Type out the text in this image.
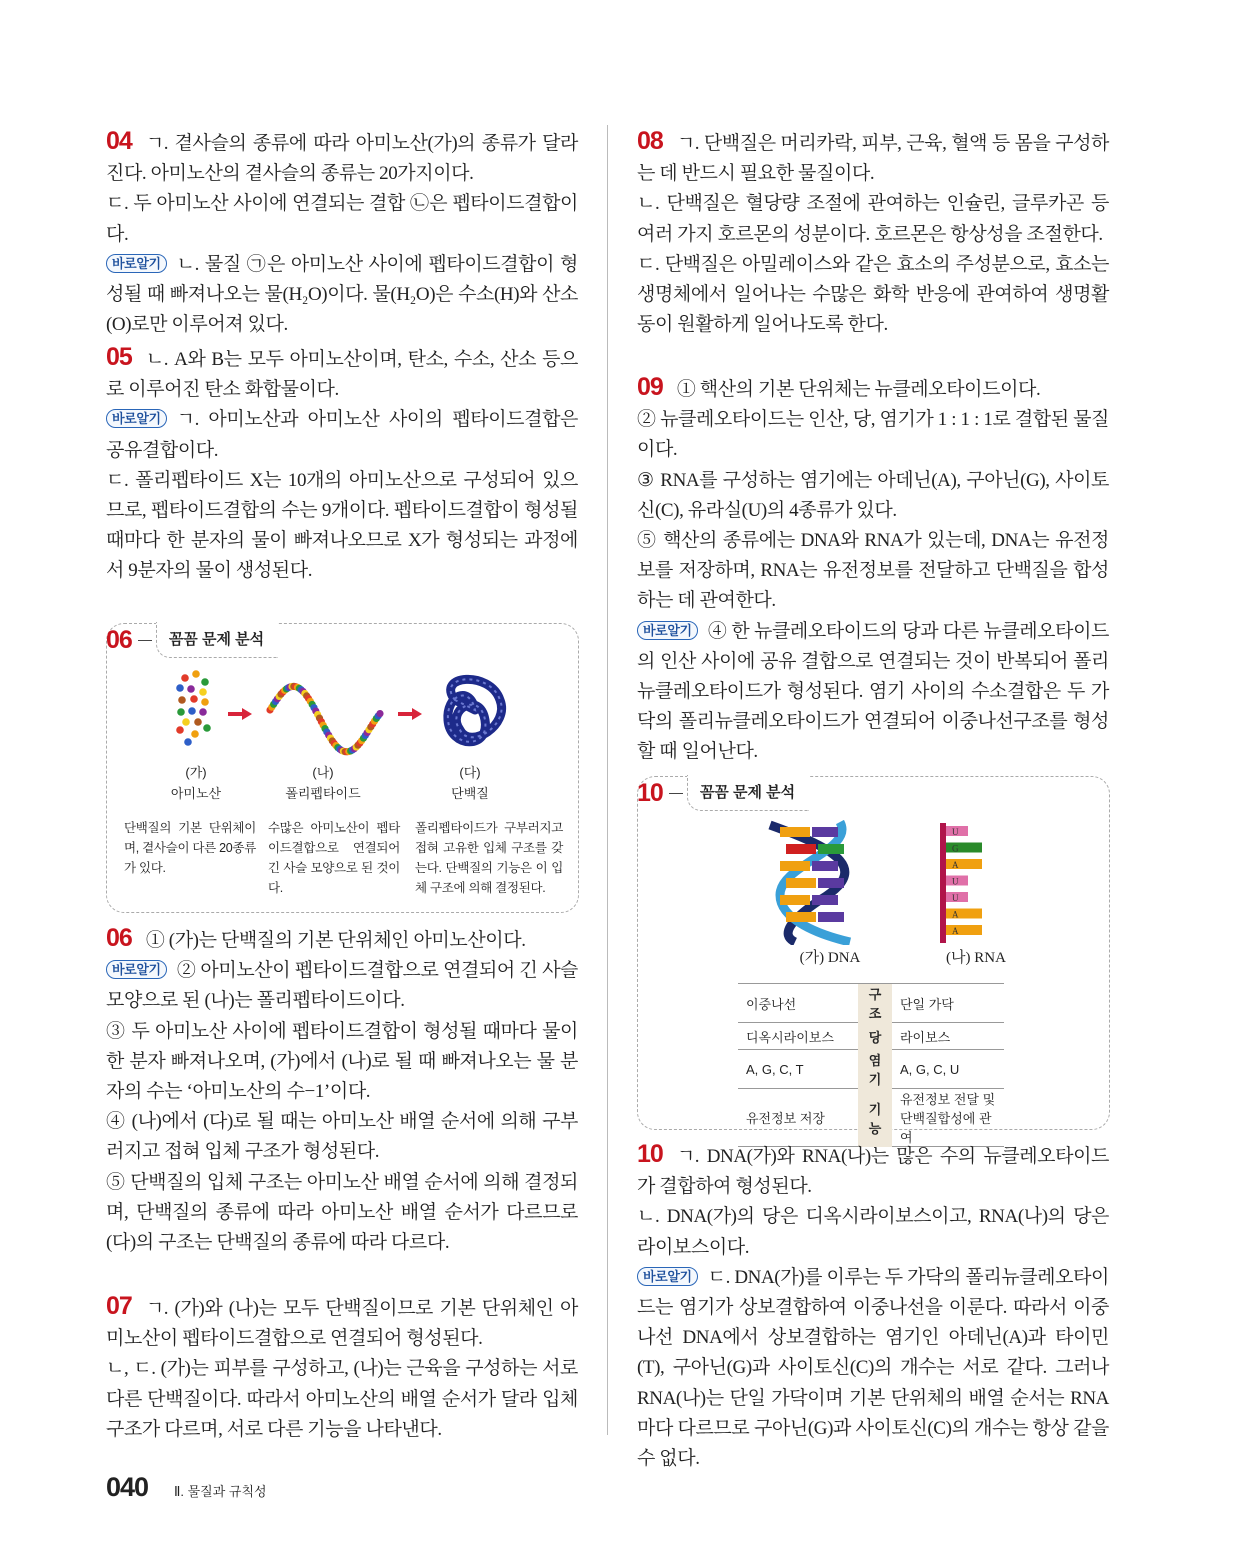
04 ㄱ. 곁사슬의 종류에 따라 아미노산(가)의 종류가 달라진다. 아미노산의 곁사슬의 종류는 20가지이다.

ㄷ. 두 아미노산 사이에 연결되는 결합 ㉡은 펩타이드결합이다.

바로알기 ㄴ. 물질 ㉠은 아미노산 사이에 펩타이드결합이 형성될 때 빠져나오는 물(H₂O)이다. 물(H₂O)은 수소(H)와 산소(O)로만 이루어져 있다.

05 ㄴ. A와 B는 모두 아미노산이며, 탄소, 수소, 산소 등으로 이루어진 탄소 화합물이다.

바로알기 ㄱ. 아미노산과 아미노산 사이의 펩타이드결합은 공유결합이다.

ㄷ. 폴리펩타이드 X는 10개의 아미노산으로 구성되어 있으므로, 펩타이드결합의 수는 9개이다. 펩타이드결합이 형성될 때마다 한 분자의 물이 빠져나오므로 X가 형성되는 과정에서 9분자의 물이 생성된다.

06	꼼꼼 문제 분석
(가)
아미노산
(나)
폴리펩타이드
(다)
단백질
단백질의 기본 단위체이며, 곁사슬이 다른 20종류가 있다.
수많은 아미노산이 펩타이드결합으로 연결되어 긴 사슬 모양으로 된 것이다.
폴리펩타이드가 구부러지고 접혀 고유한 입체 구조를 갖는다. 단백질의 기능은 이 입체 구조에 의해 결정된다.

06 ① (가)는 단백질의 기본 단위체인 아미노산이다.

바로알기 ② 아미노산이 펩타이드결합으로 연결되어 긴 사슬 모양으로 된 (나)는 폴리펩타이드이다.

③ 두 아미노산 사이에 펩타이드결합이 형성될 때마다 물이 한 분자 빠져나오며, (가)에서 (나)로 될 때 빠져나오는 물 분자의 수는 ‘아미노산의 수−1’이다.

④ (나)에서 (다)로 될 때는 아미노산 배열 순서에 의해 구부러지고 접혀 입체 구조가 형성된다.

⑤ 단백질의 입체 구조는 아미노산 배열 순서에 의해 결정되며, 단백질의 종류에 따라 아미노산 배열 순서가 다르므로 (다)의 구조는 단백질의 종류에 따라 다르다.

07 ㄱ. (가)와 (나)는 모두 단백질이므로 기본 단위체인 아미노산이 펩타이드결합으로 연결되어 형성된다.

ㄴ, ㄷ. (가)는 피부를 구성하고, (나)는 근육을 구성하는 서로 다른 단백질이다. 따라서 아미노산의 배열 순서가 달라 입체 구조가 다르며, 서로 다른 기능을 나타낸다.

08 ㄱ. 단백질은 머리카락, 피부, 근육, 혈액 등 몸을 구성하는 데 반드시 필요한 물질이다.

ㄴ. 단백질은 혈당량 조절에 관여하는 인슐린, 글루카곤 등 여러 가지 호르몬의 성분이다. 호르몬은 항상성을 조절한다.

ㄷ. 단백질은 아밀레이스와 같은 효소의 주성분으로, 효소는 생명체에서 일어나는 수많은 화학 반응에 관여하여 생명활동이 원활하게 일어나도록 한다.

09 ① 핵산의 기본 단위체는 뉴클레오타이드이다.

② 뉴클레오타이드는 인산, 당, 염기가 1 : 1 : 1로 결합된 물질이다.

③ RNA를 구성하는 염기에는 아데닌(A), 구아닌(G), 사이토신(C), 유라실(U)의 4종류가 있다.

⑤ 핵산의 종류에는 DNA와 RNA가 있는데, DNA는 유전정보를 저장하며, RNA는 유전정보를 전달하고 단백질을 합성하는 데 관여한다.

바로알기 ④ 한 뉴클레오타이드의 당과 다른 뉴클레오타이드의 인산 사이에 공유 결합으로 연결되는 것이 반복되어 폴리뉴클레오타이드가 형성된다. 염기 사이의 수소결합은 두 가닥의 폴리뉴클레오타이드가 연결되어 이중나선구조를 형성할 때 일어난다.

10	꼼꼼 문제 분석
U
G
A
U
U
A
A
(가) DNA	(나) RNA
이중나선	구조	단일 가닥
디옥시라이보스	당	라이보스
A, G, C, T	염기	A, G, C, U
유전정보 저장	기능	유전정보 전달 및 단백질합성에 관여

10 ㄱ. DNA(가)와 RNA(나)는 많은 수의 뉴클레오타이드가 결합하여 형성된다.

ㄴ. DNA(가)의 당은 디옥시라이보스이고, RNA(나)의 당은 라이보스이다.

바로알기 ㄷ. DNA(가)를 이루는 두 가닥의 폴리뉴클레오타이드는 염기가 상보결합하여 이중나선을 이룬다. 따라서 이중나선 DNA에서 상보결합하는 염기인 아데닌(A)과 타이민(T), 구아닌(G)과 사이토신(C)의 개수는 서로 같다. 그러나 RNA(나)는 단일 가닥이며 기본 단위체의 배열 순서는 RNA마다 다르므로 구아닌(G)과 사이토신(C)의 개수는 항상 같을 수 없다.

040 Ⅱ. 물질과 규칙성
